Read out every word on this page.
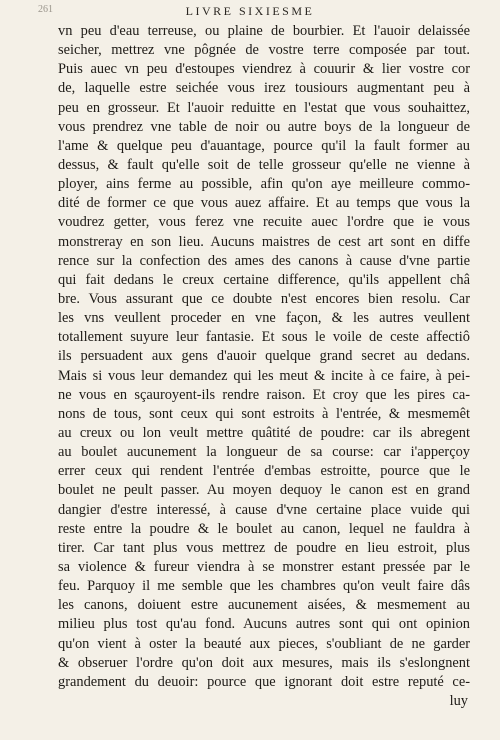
261	LIVRE SIXIESME
vn peu d'eau terreuse, ou plaine de bourbier. Et l'auoir delaissée
seicher, mettrez vne pôgnée de vostre terre composée par tout.
Puis auec vn peu d'estoupes viendrez à couurir & lier vostre cor
de, laquelle estre seichée vous irez tousiours augmentant peu à
peu en grosseur. Et l'auoir reduitte en l'estat que vous souhaittez,
vous prendrez vne table de noir ou autre boys de la longueur de
l'ame & quelque peu d'auantage, pource qu'il la fault former au
dessus, & fault qu'elle soit de telle grosseur qu'elle ne vienne à
ployer, ains ferme au possible, afin qu'on aye meilleure commo-
dité de former ce que vous auez affaire. Et au temps que vous la
voudrez getter, vous ferez vne recuite auec l'ordre que ie vous
monstreray en son lieu. Aucuns maistres de cest art sont en diffe
rence sur la confection des ames des canons à cause d'vne partie
qui fait dedans le creux certaine difference, qu'ils appellent châ
bre. Vous assurant que ce doubte n'est encores bien resolu. Car
les vns veullent proceder en vne façon, & les autres veullent
totallement suyure leur fantasie. Et sous le voile de ceste affectiô
ils persuadent aux gens d'auoir quelque grand secret au dedans.
Mais si vous leur demandez qui les meut & incite à ce faire, à pei-
ne vous en sçauroyent-ils rendre raison. Et croy que les pires ca-
nons de tous, sont ceux qui sont estroits à l'entrée, & mesmemêt
au creux ou lon veult mettre quâtité de poudre: car ils abregent
au boulet aucunement la longueur de sa course: car i'apperçoy
errer ceux qui rendent l'entrée d'embas estroitte, pource que le
boulet ne peult passer. Au moyen dequoy le canon est en grand
dangier d'estre interessé, à cause d'vne certaine place vuide qui
reste entre la poudre & le boulet au canon, lequel ne fauldra à
tirer. Car tant plus vous mettrez de poudre en lieu estroit, plus
sa violence & fureur viendra à se monstrer estant pressée par le
feu. Parquoy il me semble que les chambres qu'on veult faire dâs
les canons, doiuent estre aucunement aisées, & mesmement au
milieu plus tost qu'au fond. Aucuns autres sont qui ont opinion
qu'on vient à oster la beauté aux pieces, s'oubliant de ne garder
& obseruer l'ordre qu'on doit aux mesures, mais ils s'eslongnent
grandement du deuoir: pource que ignorant doit estre reputé ce-
luy
